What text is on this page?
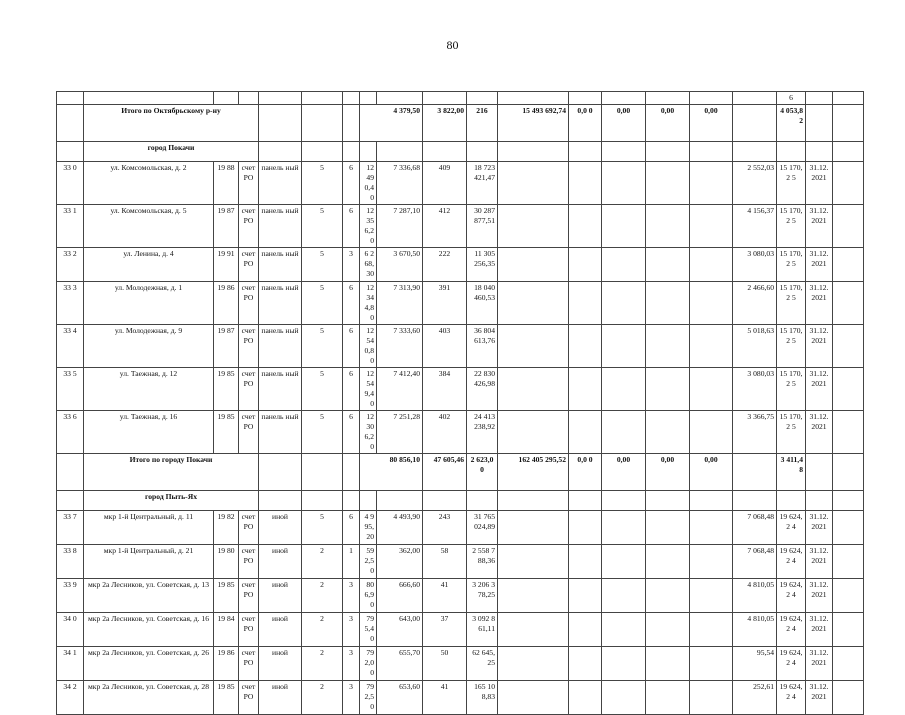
80
																	6			
	Итого по Октябрьскому р-ну						4 379,50		3 822,00	216	15 493 692,74	0,0 0	0,00	0,00	0,00		4 053,82			
	город Покачи																			
33 0	ул. Комсомольская, д. 2	19 88	счет РО	панель ный	5	6	12 490,40	7 336,68	409	18 723 421,47						2 552,03	15 170,2 5	31.12. 2021		
33 1	ул. Комсомольская, д. 5	19 87	счет РО	панель ный	5	6	12 356,20	7 287,10	412	30 287 877,51						4 156,37	15 170,2 5	31.12. 2021		
33 2	ул. Ленина, д. 4	19 91	счет РО	панель ный	5	3	6 268,30	3 670,50	222	11 305 256,35						3 080,03	15 170,2 5	31.12. 2021		
33 3	ул. Молодежная, д. 1	19 86	счет РО	панель ный	5	6	12 344,80	7 313,90	391	18 040 460,53						2 466,60	15 170,2 5	31.12. 2021		
33 4	ул. Молодежная, д. 9	19 87	счет РО	панель ный	5	6	12 540,80	7 333,60	403	36 804 613,76						5 018,63	15 170,2 5	31.12. 2021		
33 5	ул. Таежная, д. 12	19 85	счет РО	панель ный	5	6	12 549,40	7 412,40	384	22 830 426,98						3 080,03	15 170,2 5	31.12. 2021		
33 6	ул. Таежная, д. 16	19 85	счет РО	панель ный	5	6	12 306,20	7 251,28	402	24 413 238,92						3 366,75	15 170,2 5	31.12. 2021		
	Итого по городу Покачи						80 856,10		47 605,46	2 623,00	162 405 295,52	0,0 0	0,00	0,00	0,00		3 411,48			
	город Пыть-Ях																			
33 7	мкр 1-й Центральный, д. 11	19 82	счет РО	иной	5	6	4 995,20	4 493,90	243	31 765 024,89						7 068,48	19 624,2 4	31.12. 2021		
33 8	мкр 1-й Центральный, д. 21	19 80	счет РО	иной	2	1	592,50	362,00	58	2 558 788,36						7 068,48	19 624,2 4	31.12. 2021		
33 9	мкр 2а Лесников, ул. Советская, д. 13	19 85	счет РО	иной	2	3	806,90	666,60	41	3 206 378,25						4 810,05	19 624,2 4	31.12. 2021		
34 0	мкр 2а Лесников, ул. Советская, д. 16	19 84	счет РО	иной	2	3	795,40	643,00	37	3 092 861,11						4 810,05	19 624,2 4	31.12. 2021		
34 1	мкр 2а Лесников, ул. Советская, д. 26	19 86	счет РО	иной	2	3	792,00	655,70	50	62 645,25						95,54	19 624,2 4	31.12. 2021		
34 2	мкр 2а Лесников, ул. Советская, д. 28	19 85	счет РО	иной	2	3	792,50	653,60	41	165 108,83						252,61	19 624,2 4	31.12. 2021		
